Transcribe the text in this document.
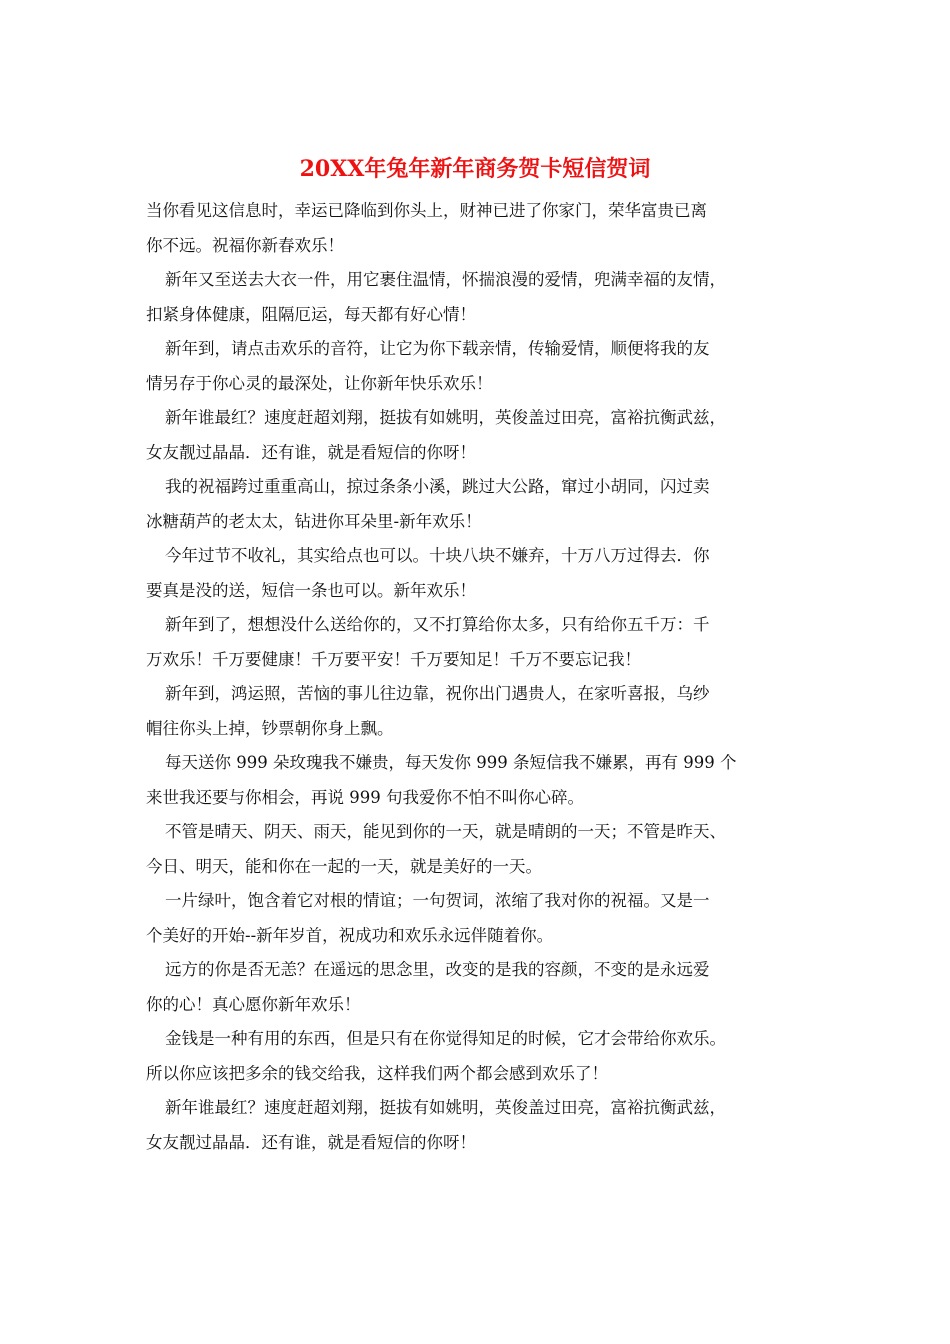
20XX年兔年新年商务贺卡短信贺词

当你看见这信息时，幸运已降临到你头上，财神已进了你家门，荣华富贵已离
你不远。祝福你新春欢乐！

新年又至送去大衣一件，用它裹住温情，怀揣浪漫的爱情，兜满幸福的友情，
扣紧身体健康，阻隔厄运，每天都有好心情！

新年到，请点击欢乐的音符，让它为你下载亲情，传输爱情，顺便将我的友
情另存于你心灵的最深处，让你新年快乐欢乐！

新年谁最红？速度赶超刘翔，挺拔有如姚明，英俊盖过田亮，富裕抗衡武兹，
女友靓过晶晶．还有谁，就是看短信的你呀！

我的祝福跨过重重高山，掠过条条小溪，跳过大公路，窜过小胡同，闪过卖
冰糖葫芦的老太太，钻进你耳朵里-新年欢乐！

今年过节不收礼，其实给点也可以。十块八块不嫌弃，十万八万过得去．你
要真是没的送，短信一条也可以。新年欢乐！

新年到了，想想没什么送给你的，又不打算给你太多，只有给你五千万：千
万欢乐！千万要健康！千万要平安！千万要知足！千万不要忘记我！

新年到，鸿运照，苦恼的事儿往边靠，祝你出门遇贵人，在家听喜报，乌纱
帽往你头上掉，钞票朝你身上飘。

每天送你 999 朵玫瑰我不嫌贵，每天发你 999 条短信我不嫌累，再有 999 个
来世我还要与你相会，再说 999 句我爱你不怕不叫你心碎。

不管是晴天、阴天、雨天，能见到你的一天，就是晴朗的一天；不管是昨天、
今日、明天，能和你在一起的一天，就是美好的一天。

一片绿叶，饱含着它对根的情谊；一句贺词，浓缩了我对你的祝福。又是一
个美好的开始--新年岁首，祝成功和欢乐永远伴随着你。

远方的你是否无恙？在遥远的思念里，改变的是我的容颜，不变的是永远爱
你的心！真心愿你新年欢乐！

金钱是一种有用的东西，但是只有在你觉得知足的时候，它才会带给你欢乐。
所以你应该把多余的钱交给我，这样我们两个都会感到欢乐了！

新年谁最红？速度赶超刘翔，挺拔有如姚明，英俊盖过田亮，富裕抗衡武兹，
女友靓过晶晶．还有谁，就是看短信的你呀！
